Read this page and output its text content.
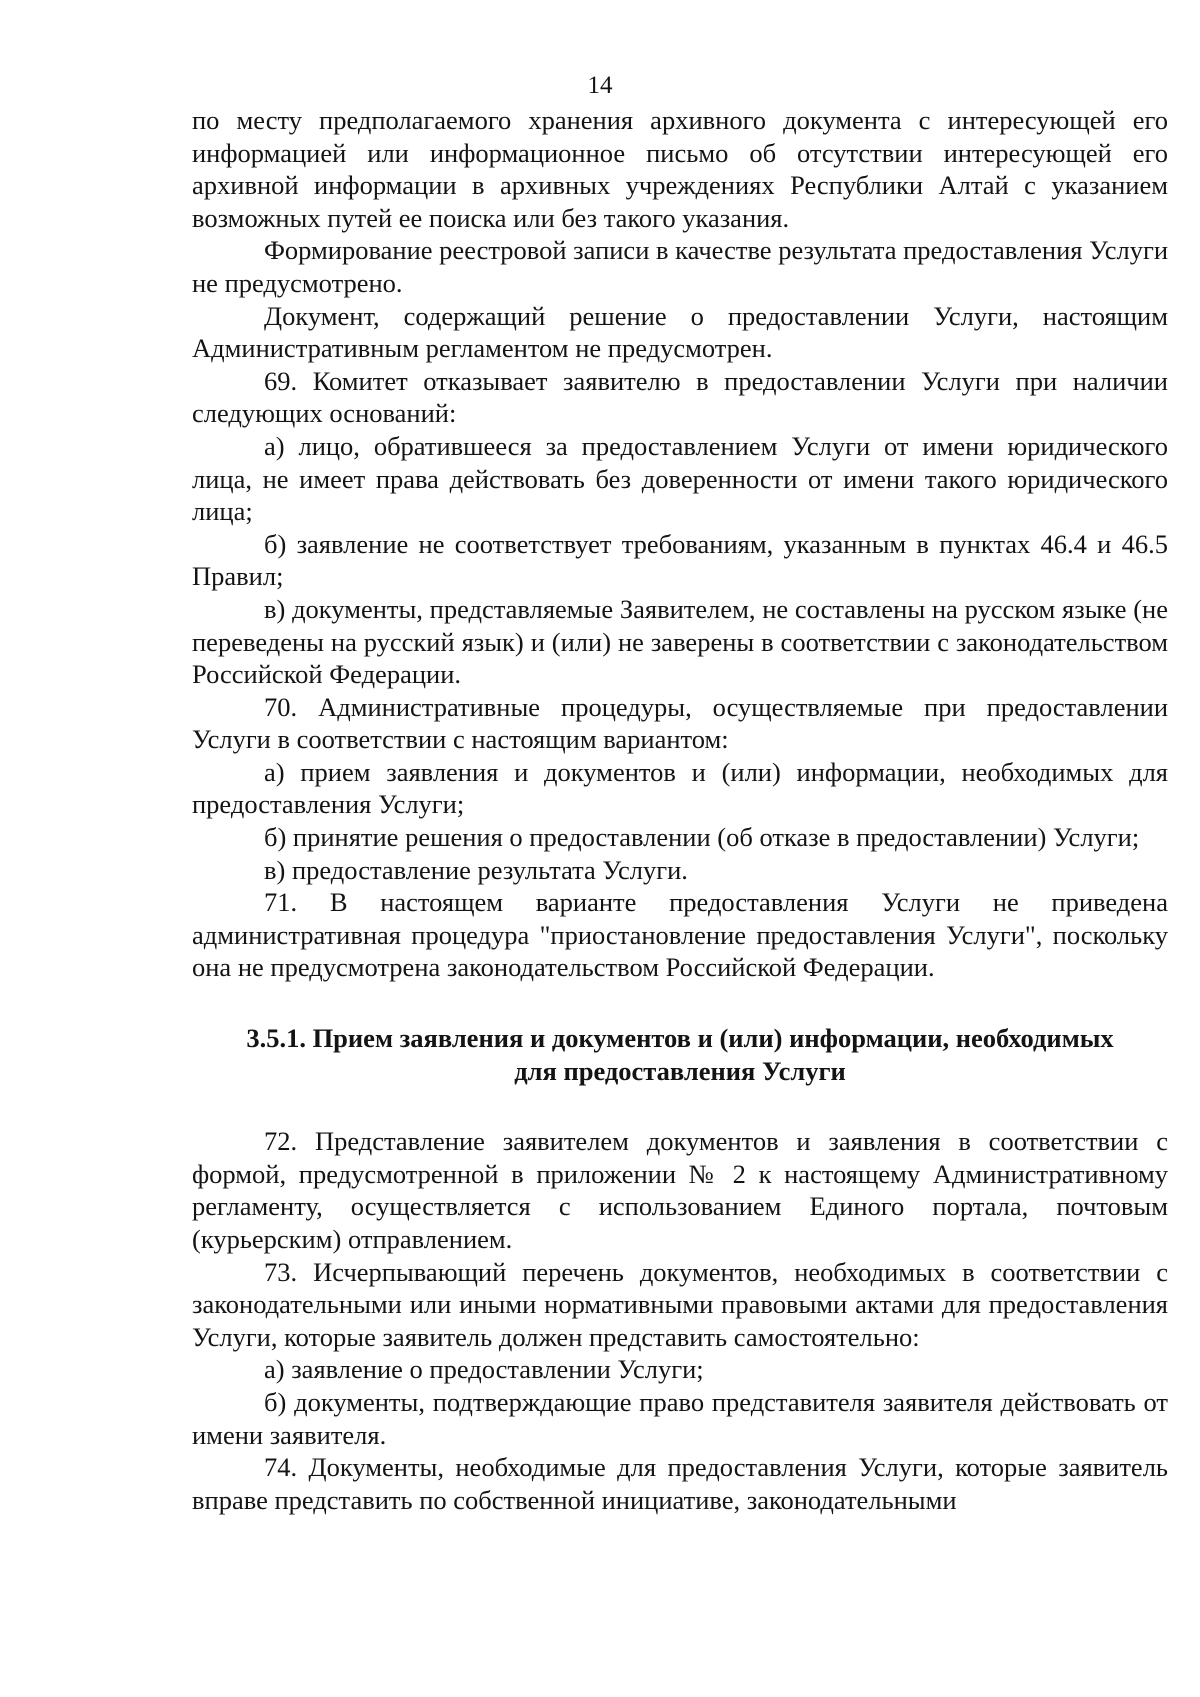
14

по месту предполагаемого хранения архивного документа с интересующей его информацией или информационное письмо об отсутствии интересующей его архивной информации в архивных учреждениях Республики Алтай с указанием возможных путей ее поиска или без такого указания.

Формирование реестровой записи в качестве результата предоставления Услуги не предусмотрено.

Документ, содержащий решение о предоставлении Услуги, настоящим Административным регламентом не предусмотрен.

69. Комитет отказывает заявителю в предоставлении Услуги при наличии следующих оснований:

а) лицо, обратившееся за предоставлением Услуги от имени юридического лица, не имеет права действовать без доверенности от имени такого юридического лица;

б) заявление не соответствует требованиям, указанным в пунктах 46.4 и 46.5 Правил;

в) документы, представляемые Заявителем, не составлены на русском языке (не переведены на русский язык) и (или) не заверены в соответствии с законодательством Российской Федерации.

70. Административные процедуры, осуществляемые при предоставлении Услуги в соответствии с настоящим вариантом:

а) прием заявления и документов и (или) информации, необходимых для предоставления Услуги;

б) принятие решения о предоставлении (об отказе в предоставлении) Услуги;

в) предоставление результата Услуги.

71. В настоящем варианте предоставления Услуги не приведена административная процедура "приостановление предоставления Услуги", поскольку она не предусмотрена законодательством Российской Федерации.

3.5.1. Прием заявления и документов и (или) информации, необходимых
для предоставления Услуги

72. Представление заявителем документов и заявления в соответствии с формой, предусмотренной в приложении № 2 к настоящему Административному регламенту, осуществляется с использованием Единого портала, почтовым (курьерским) отправлением.

73. Исчерпывающий перечень документов, необходимых в соответствии с законодательными или иными нормативными правовыми актами для предоставления Услуги, которые заявитель должен представить самостоятельно:

а) заявление о предоставлении Услуги;

б) документы, подтверждающие право представителя заявителя действовать от имени заявителя.

74. Документы, необходимые для предоставления Услуги, которые заявитель вправе представить по собственной инициативе, законодательными
